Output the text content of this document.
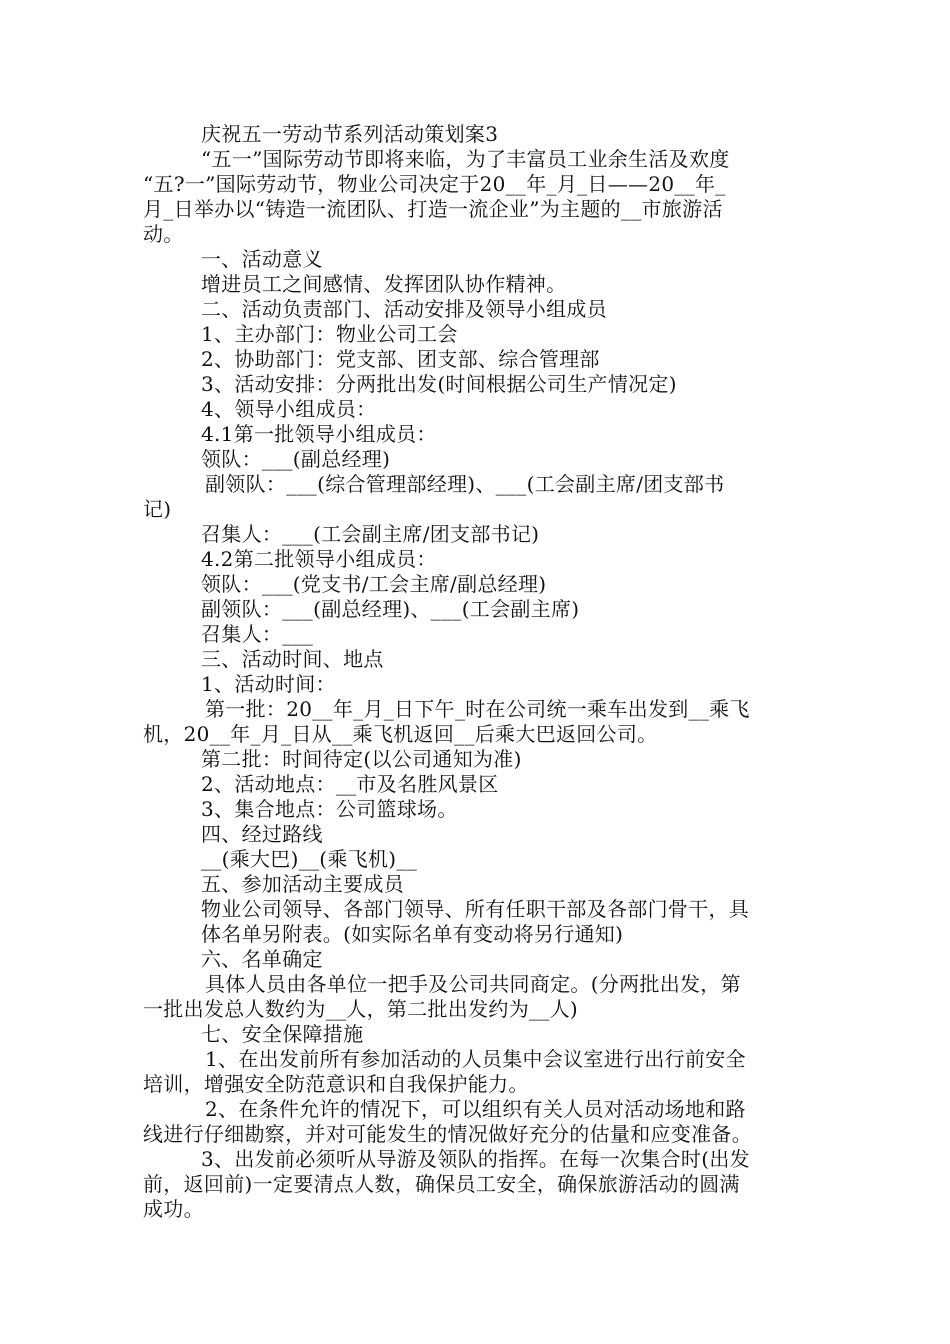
庆祝五一劳动节系列活动策划案3
“五一”国际劳动节即将来临，为了丰富员工业余生活及欢度
“五?一”国际劳动节，物业公司决定于20__年_月_日——20__年_
月_日举办以“铸造一流团队、打造一流企业”为主题的__市旅游活
动。
一、活动意义
增进员工之间感情、发挥团队协作精神。
二、活动负责部门、活动安排及领导小组成员
1、主办部门：物业公司工会
2、协助部门：党支部、团支部、综合管理部
3、活动安排：分两批出发(时间根据公司生产情况定)
4、领导小组成员：
4.1第一批领导小组成员：
领队：___(副总经理)
副领队：___(综合管理部经理)、___(工会副主席/团支部书
记)
召集人：___(工会副主席/团支部书记)
4.2第二批领导小组成员：
领队：___(党支书/工会主席/副总经理)
副领队：___(副总经理)、___(工会副主席)
召集人：___
三、活动时间、地点
1、活动时间：
第一批：20__年_月_日下午_时在公司统一乘车出发到__乘飞
机，20__年_月_日从__乘飞机返回__后乘大巴返回公司。
第二批：时间待定(以公司通知为准)
2、活动地点：__市及名胜风景区
3、集合地点：公司篮球场。
四、经过路线
__(乘大巴)__(乘飞机)__
五、参加活动主要成员
物业公司领导、各部门领导、所有任职干部及各部门骨干，具
体名单另附表。(如实际名单有变动将另行通知)
六、名单确定
具体人员由各单位一把手及公司共同商定。(分两批出发，第
一批出发总人数约为__人，第二批出发约为__人)
七、安全保障措施
1、在出发前所有参加活动的人员集中会议室进行出行前安全
培训，增强安全防范意识和自我保护能力。
2、在条件允许的情况下，可以组织有关人员对活动场地和路
线进行仔细勘察，并对可能发生的情况做好充分的估量和应变准备。
3、出发前必须听从导游及领队的指挥。在每一次集合时(出发
前，返回前)一定要清点人数，确保员工安全，确保旅游活动的圆满
成功。
